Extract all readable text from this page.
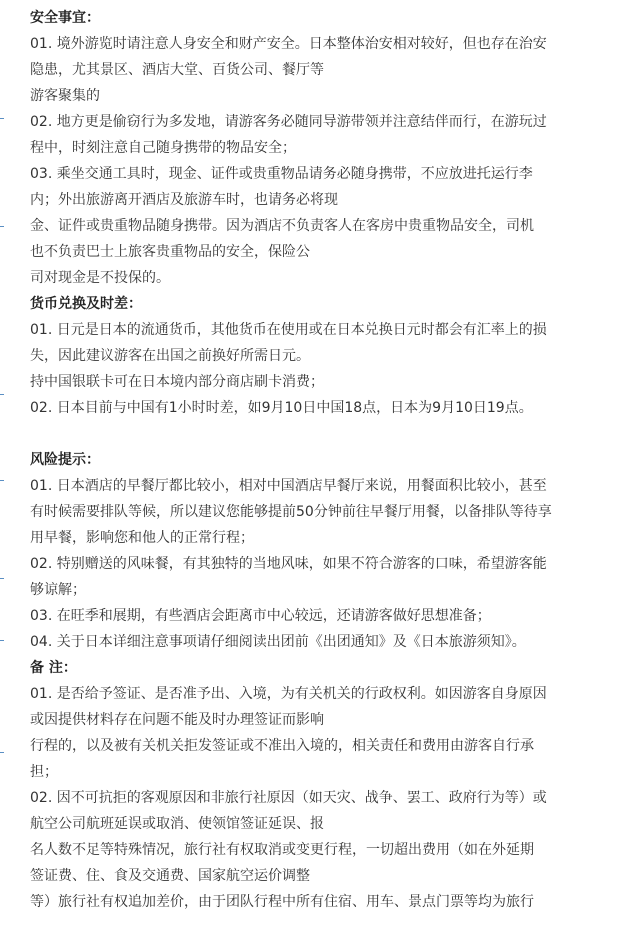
安全事宜：
01. 境外游览时请注意人身安全和财产安全。日本整体治安相对较好，但也存在治安
隐患，尤其景区、酒店大堂、百货公司、餐厅等
游客聚集的
02. 地方更是偷窃行为多发地，请游客务必随同导游带领并注意结伴而行，在游玩过
程中，时刻注意自己随身携带的物品安全；
03. 乘坐交通工具时，现金、证件或贵重物品请务必随身携带，不应放进托运行李
内；外出旅游离开酒店及旅游车时，也请务必将现
金、证件或贵重物品随身携带。因为酒店不负责客人在客房中贵重物品安全，司机
也不负责巴士上旅客贵重物品的安全，保险公
司对现金是不投保的。
货币兑换及时差：
01. 日元是日本的流通货币，其他货币在使用或在日本兑换日元时都会有汇率上的损
失，因此建议游客在出国之前换好所需日元。
持中国银联卡可在日本境内部分商店刷卡消费；
02. 日本目前与中国有1小时时差，如9月10日中国18点，日本为9月10日19点。
风险提示：
01. 日本酒店的早餐厅都比较小，相对中国酒店早餐厅来说，用餐面积比较小，甚至
有时候需要排队等候，所以建议您能够提前50分钟前往早餐厅用餐，以备排队等待享
用早餐，影响您和他人的正常行程；
02. 特别赠送的风味餐，有其独特的当地风味，如果不符合游客的口味，希望游客能
够谅解；
03. 在旺季和展期，有些酒店会距离市中心较远，还请游客做好思想准备；
04. 关于日本详细注意事项请仔细阅读出团前《出团通知》及《日本旅游须知》。
备 注：
01. 是否给予签证、是否准予出、入境，为有关机关的行政权利。如因游客自身原因
或因提供材料存在问题不能及时办理签证而影响
行程的，以及被有关机关拒发签证或不准出入境的，相关责任和费用由游客自行承
担；
02. 因不可抗拒的客观原因和非旅行社原因（如天灾、战争、罢工、政府行为等）或
航空公司航班延误或取消、使领馆签证延误、报
名人数不足等特殊情况，旅行社有权取消或变更行程，一切超出费用（如在外延期
签证费、住、食及交通费、国家航空运价调整
等）旅行社有权追加差价，由于团队行程中所有住宿、用车、景点门票等均为旅行
